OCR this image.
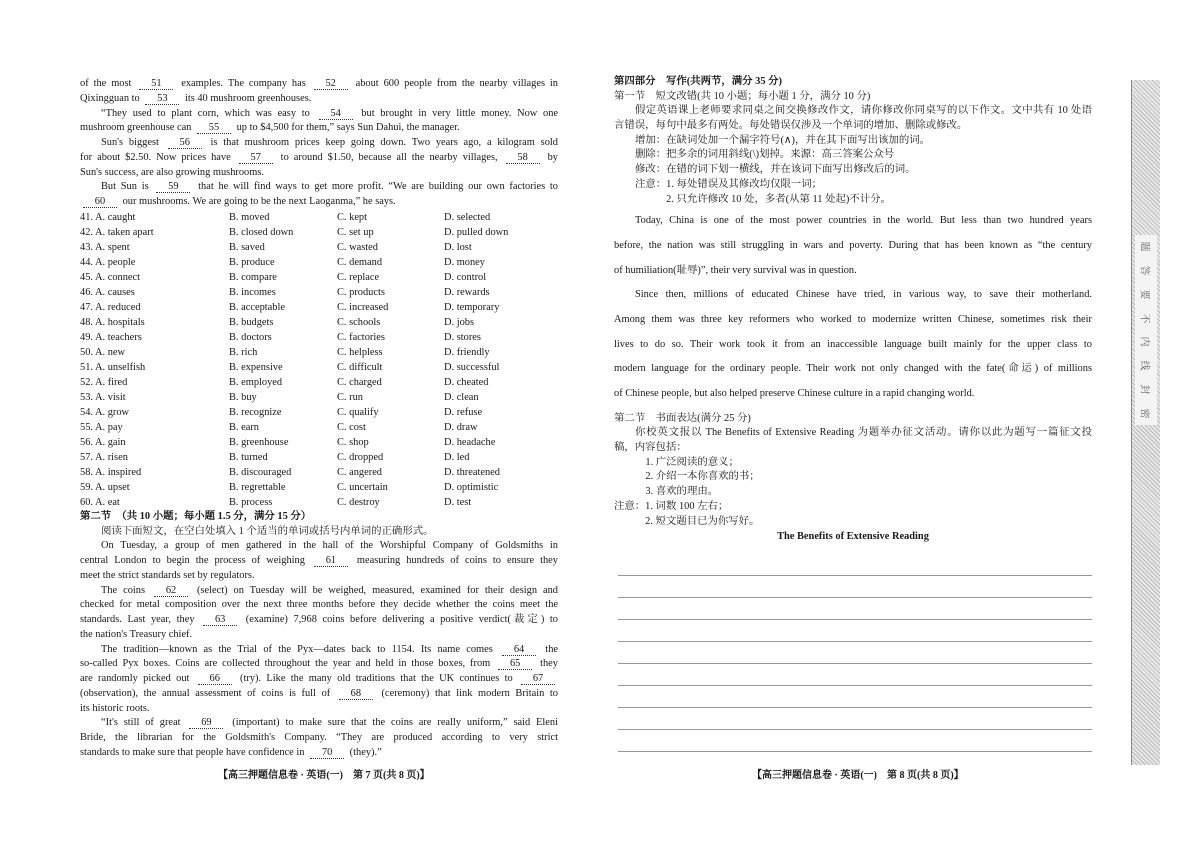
of the most 51 examples. The company has 52 about 600 people from the nearby villages in
Qixingguan to 53 its 40 mushroom greenhouses.
“They used to plant corn, which was easy to 54 but brought in very little money. Now one
mushroom greenhouse can 55 up to $4,500 for them,” says Sun Dahui, the manager.
Sun's biggest 56 is that mushroom prices keep going down. Two years ago, a kilogram sold
for about $2.50. Now prices have 57 to around $1.50, because all the nearby villages, 58 by
Sun's success, are also growing mushrooms.
But Sun is 59 that he will find ways to get more profit. “We are building our own factories to
60 our mushrooms. We are going to be the next Laoganma,” he says.
41. A. caught	B. moved	C. kept	D. selected
42. A. taken apart	B. closed down	C. set up	D. pulled down
43. A. spent	B. saved	C. wasted	D. lost
44. A. people	B. produce	C. demand	D. money
45. A. connect	B. compare	C. replace	D. control
46. A. causes	B. incomes	C. products	D. rewards
47. A. reduced	B. acceptable	C. increased	D. temporary
48. A. hospitals	B. budgets	C. schools	D. jobs
49. A. teachers	B. doctors	C. factories	D. stores
50. A. new	B. rich	C. helpless	D. friendly
51. A. unselfish	B. expensive	C. difficult	D. successful
52. A. fired	B. employed	C. charged	D. cheated
53. A. visit	B. buy	C. run	D. clean
54. A. grow	B. recognize	C. qualify	D. refuse
55. A. pay	B. earn	C. cost	D. draw
56. A. gain	B. greenhouse	C. shop	D. headache
57. A. risen	B. turned	C. dropped	D. led
58. A. inspired	B. discouraged	C. angered	D. threatened
59. A. upset	B. regrettable	C. uncertain	D. optimistic
60. A. eat	B. process	C. destroy	D. test
第二节　（共 10 小题；每小题 1.5 分，满分 15 分）
阅读下面短文，在空白处填入 1 个适当的单词或括号内单词的正确形式。
On Tuesday, a group of men gathered in the hall of the Worshipful Company of Goldsmiths in
central London to begin the process of weighing 61 measuring hundreds of coins to ensure they
meet the strict standards set by regulators.
The coins 62 (select) on Tuesday will be weighed, measured, examined for their design and
checked for metal composition over the next three months before they decide whether the coins meet the
standards. Last year, they 63 (examine) 7,968 coins before delivering a positive verdict(裁定) to
the nation's Treasury chief.
The tradition—known as the Trial of the Pyx—dates back to 1154. Its name comes 64 the
so-called Pyx boxes. Coins are collected throughout the year and held in those boxes, from 65 they
are randomly picked out 66 (try). Like the many old traditions that the UK continues to 67
(observation), the annual assessment of coins is full of 68 (ceremony) that link modern Britain to
its historic roots.
“It's still of great 69 (important) to make sure that the coins are really uniform,” said Eleni
Bride, the librarian for the Goldsmith's Company. “They are produced according to very strict
standards to make sure that people have confidence in 70 (they).”
【高三押题信息卷 · 英语(一)　第 7 页(共 8 页)】
第四部分　写作(共两节，满分 35 分)
第一节　短文改错(共 10 小题；每小题 1 分，满分 10 分)
假定英语课上老师要求同桌之间交换修改作文，请你修改你同桌写的以下作文。文中共有 10 处语
言错误，每句中最多有两处。每处错误仅涉及一个单词的增加、删除或修改。
增加：在缺词处加一个漏字符号(∧)，并在其下面写出该加的词。
删除：把多余的词用斜线(\)划掉。来源：高三答案公众号
修改：在错的词下划一横线，并在该词下面写出修改后的词。
注意：1. 每处错误及其修改均仅限一词；
　　　2. 只允许修改 10 处，多者(从第 11 处起)不计分。
Today, China is one of the most power countries in the world. But less than two hundred years
before, the nation was still struggling in wars and poverty. During that has been known as “the century
of humiliation(耻辱)”, their very survival was in question.
Since then, millions of educated Chinese have tried, in various way, to save their motherland.
Among them was three key reformers who worked to modernize written Chinese, sometimes risk their
lives to do so. Their work took it from an inaccessible language built mainly for the upper class to
modern language for the ordinary people. Their work not only changed with the fate(命运) of millions
of Chinese people, but also helped preserve Chinese culture in a rapid changing world.
第二节　书面表达(满分 25 分)
你校英文报以 The Benefits of Extensive Reading 为题举办征文活动。请你以此为题写一篇征文投
稿，内容包括：
　1. 广泛阅读的意义；
　2. 介绍一本你喜欢的书；
　3. 喜欢的理由。
注意：1. 词数 100 左右；
　　　2. 短文题目已为你写好。
The Benefits of Extensive Reading
【高三押题信息卷 · 英语(一)　第 8 页(共 8 页)】
题
答
要
不
内
线
封
密
